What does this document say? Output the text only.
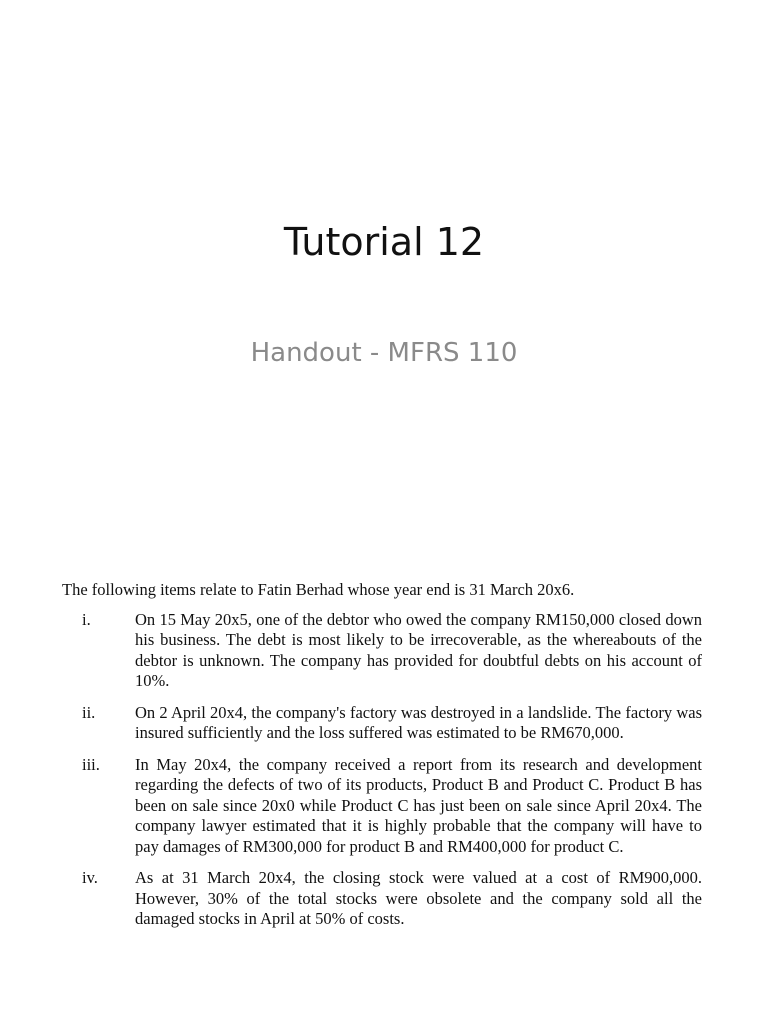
Tutorial 12
Handout - MFRS 110

The following items relate to Fatin Berhad whose year end is 31 March 20x6.

i.	On 15 May 20x5, one of the debtor who owed the company RM150,000 closed down his business. The debt is most likely to be irrecoverable, as the whereabouts of the debtor is unknown. The company has provided for doubtful debts on his account of 10%.
ii.	On 2 April 20x4, the company's factory was destroyed in a landslide. The factory was insured sufficiently and the loss suffered was estimated to be RM670,000.
iii.	In May 20x4, the company received a report from its research and development regarding the defects of two of its products, Product B and Product C. Product B has been on sale since 20x0 while Product C has just been on sale since April 20x4. The company lawyer estimated that it is highly probable that the company will have to pay damages of RM300,000 for product B and RM400,000 for product C.
iv.	As at 31 March 20x4, the closing stock were valued at a cost of RM900,000. However, 30% of the total stocks were obsolete and the company sold all the damaged stocks in April at 50% of costs.
